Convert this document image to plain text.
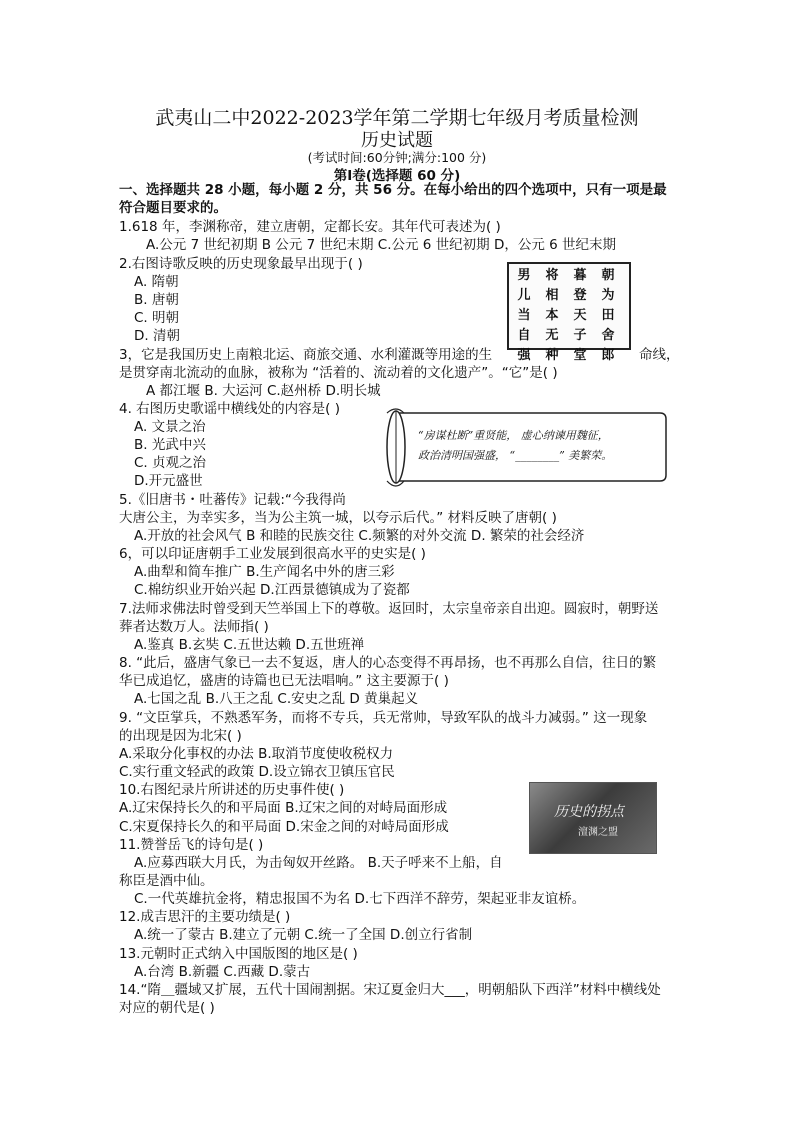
武夷山二中2022-2023学年第二学期七年级月考质量检测
历史试题
(考试时间:60分钟;满分:100 分)
第Ⅰ卷(选择题 60 分)
一、选择题共 28 小题，每小题 2 分，共 56 分。在每小给出的四个选项中，只有一项是最
符合题目要求的。
1.618 年，李渊称帝，建立唐朝，定都长安。其年代可表述为( )
A.公元 7 世纪初期 B 公元 7 世纪末期 C.公元 6 世纪初期 D，公元 6 世纪末期
2.右图诗歌反映的历史现象最早出现于( )
A. 隋朝
B. 唐朝
C. 明朝
D. 清朝
朝
为
田
舍
郎
暮
登
天
子
堂
将
相
本
无
种
男
儿
当
自
强
3，它是我国历史上南粮北运、商旅交通、水利灌溉等用途的生	命线，
是贯穿南北流动的血脉，被称为 “活着的、流动着的文化遗产”。“它”是( )
A 都江堰 B. 大运河 C.赵州桥 D.明长城
4. 右图历史歌谣中横线处的内容是( )
A. 文景之治
B. 光武中兴
C. 贞观之治
D.开元盛世
“房谋杜断”重贤能， 虚心纳谏用魏征，
政治清明国强盛， “________” 美繁荣。
5.《旧唐书・吐蕃传》记载:“今我得尚
大唐公主，为幸实多，当为公主筑一城，以夸示后代。” 材料反映了唐朝( )
A.开放的社会风气 B 和睦的民族交往 C.频繁的对外交流 D. 繁荣的社会经济
6，可以印证唐朝手工业发展到很高水平的史实是( )
A.曲犁和简车推广 B.生产闻名中外的唐三彩
C.棉纺织业开始兴起 D.江西景德镇成为了瓷都
7.法师求佛法时曾受到天竺举国上下的尊敬。返回时，太宗皇帝亲自出迎。圆寂时，朝野送
葬者达数万人。法师指( )
A.鉴真 B.玄奘 C.五世达赖 D.五世班禅
8. “此后，盛唐气象已一去不复返，唐人的心态变得不再昂扬，也不再那么自信，往日的繁
华已成追忆，盛唐的诗篇也已无法唱响。” 这主要源于( )
A.七国之乱 B.八王之乱 C.安史之乱 D 黄巢起义
9. “文臣掌兵，不熟悉军务，而将不专兵，兵无常帅，导致军队的战斗力减弱。” 这一现象
的出现是因为北宋( )
A.采取分化事权的办法 B.取消节度使收税权力
C.实行重文轻武的政策 D.设立锦衣卫镇压官民
10.右图纪录片所讲述的历史事件使( )
A.辽宋保持长久的和平局面 B.辽宋之间的对峙局面形成
C.宋夏保持长久的和平局面 D.宋金之间的对峙局面形成
历史的拐点
澶渊之盟
11.赞誉岳飞的诗句是( )
A.应募西联大月氏，为击匈奴开丝路。 B.天子呼来不上船，自
称臣是酒中仙。
C.一代英雄抗金将，精忠报国不为名 D.七下西洋不辞劳，架起亚非友谊桥。
12.成吉思汗的主要功绩是( )
A.统一了蒙古 B.建立了元朝 C.统一了全国 D.创立行省制
13.元朝时正式纳入中国版图的地区是( )
A.台湾 B.新疆 C.西藏 D.蒙古
14.“隋＿疆域又扩展，五代十国闹割据。宋辽夏金归大___，明朝船队下西洋”材料中横线处
对应的朝代是( )
